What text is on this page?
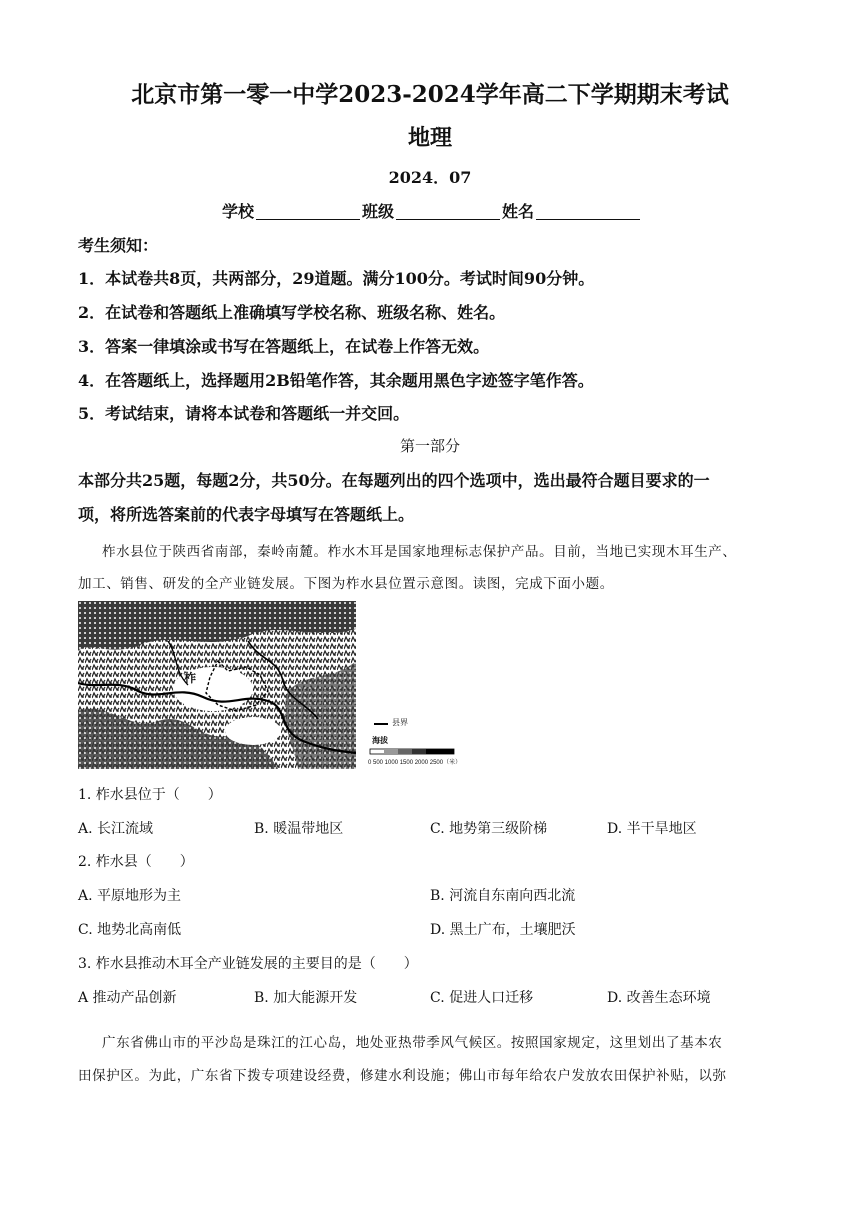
北京市第一零一中学2023-2024学年高二下学期期末考试
地理
2024．07
学校	班级	姓名
考生须知：
1．本试卷共8页，共两部分，29道题。满分100分。考试时间90分钟。
2．在试卷和答题纸上准确填写学校名称、班级名称、姓名。
3．答案一律填涂或书写在答题纸上，在试卷上作答无效。
4．在答题纸上，选择题用2B铅笔作答，其余题用黑色字迹签字笔作答。
5．考试结束，请将本试卷和答题纸一并交回。
第一部分
本部分共25题，每题2分，共50分。在每题列出的四个选项中，选出最符合题目要求的一
项，将所选答案前的代表字母填写在答题纸上。
柞水县位于陕西省南部，秦岭南麓。柞水木耳是国家地理标志保护产品。目前，当地已实现木耳生产、
加工、销售、研发的全产业链发展。下图为柞水县位置示意图。读图，完成下面小题。
柞
县界
海拔
0 500 1000 1500 2000 2500（米）
1. 柞水县位于（　　）
A. 长江流域	B. 暖温带地区	C. 地势第三级阶梯	D. 半干旱地区
2. 柞水县（　　）
A. 平原地形为主	B. 河流自东南向西北流
C. 地势北高南低	D. 黑土广布，土壤肥沃
3. 柞水县推动木耳全产业链发展的主要目的是（　　）
A 推动产品创新	B. 加大能源开发	C. 促进人口迁移	D. 改善生态环境
广东省佛山市的平沙岛是珠江的江心岛，地处亚热带季风气候区。按照国家规定，这里划出了基本农
田保护区。为此，广东省下拨专项建设经费，修建水利设施；佛山市每年给农户发放农田保护补贴，以弥
